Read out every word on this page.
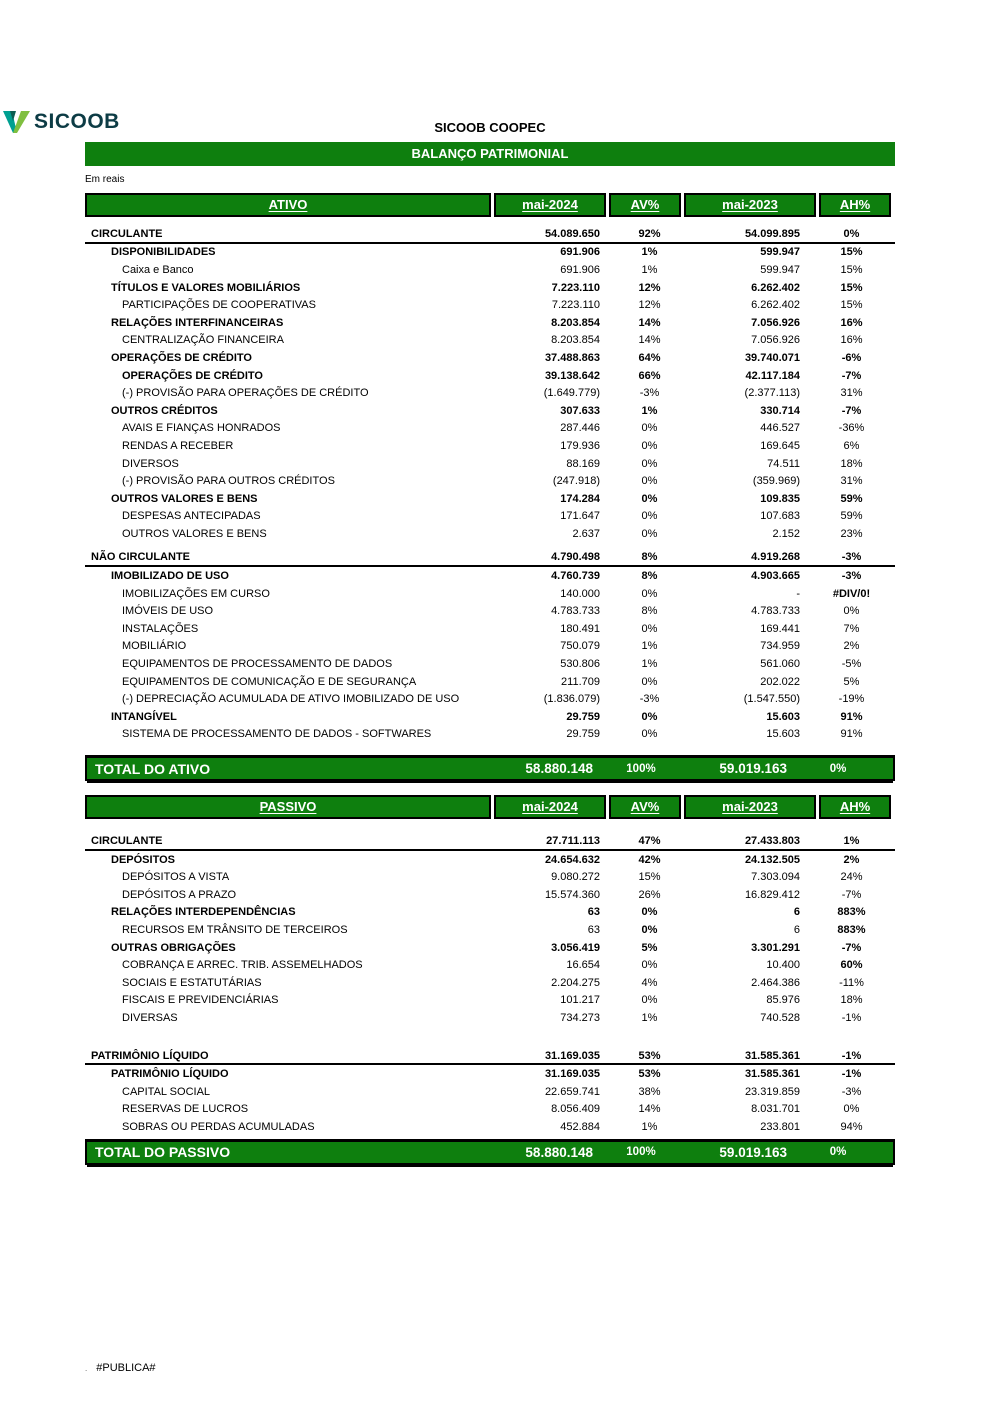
SICOOB	SICOOB COOPEC
BALANÇO PATRIMONIAL
Em reais
ATIVO	mai-2024	AV%	mai-2023	AH%
CIRCULANTE	54.089.650	92%	54.099.895	0%
DISPONIBILIDADES	691.906	1%	599.947	15%
Caixa e Banco	691.906	1%	599.947	15%
TÍTULOS E VALORES MOBILIÁRIOS	7.223.110	12%	6.262.402	15%
PARTICIPAÇÕES DE COOPERATIVAS	7.223.110	12%	6.262.402	15%
RELAÇÕES INTERFINANCEIRAS	8.203.854	14%	7.056.926	16%
CENTRALIZAÇÃO FINANCEIRA	8.203.854	14%	7.056.926	16%
OPERAÇÕES DE CRÉDITO	37.488.863	64%	39.740.071	-6%
OPERAÇÕES DE CRÉDITO	39.138.642	66%	42.117.184	-7%
(-) PROVISÃO PARA OPERAÇÕES DE CRÉDITO	(1.649.779)	-3%	(2.377.113)	31%
OUTROS CRÉDITOS	307.633	1%	330.714	-7%
AVAIS E FIANÇAS HONRADOS	287.446	0%	446.527	-36%
RENDAS A RECEBER	179.936	0%	169.645	6%
DIVERSOS	88.169	0%	74.511	18%
(-) PROVISÃO PARA OUTROS CRÉDITOS	(247.918)	0%	(359.969)	31%
OUTROS VALORES E BENS	174.284	0%	109.835	59%
DESPESAS ANTECIPADAS	171.647	0%	107.683	59%
OUTROS VALORES E BENS	2.637	0%	2.152	23%
NÃO CIRCULANTE	4.790.498	8%	4.919.268	-3%
IMOBILIZADO DE USO	4.760.739	8%	4.903.665	-3%
IMOBILIZAÇÕES EM CURSO	140.000	0%	-	#DIV/0!
IMÓVEIS DE USO	4.783.733	8%	4.783.733	0%
INSTALAÇÕES	180.491	0%	169.441	7%
MOBILIÁRIO	750.079	1%	734.959	2%
EQUIPAMENTOS DE PROCESSAMENTO DE DADOS	530.806	1%	561.060	-5%
EQUIPAMENTOS DE COMUNICAÇÃO E DE SEGURANÇA	211.709	0%	202.022	5%
(-) DEPRECIAÇÃO ACUMULADA DE ATIVO IMOBILIZADO DE USO	(1.836.079)	-3%	(1.547.550)	-19%
INTANGÍVEL	29.759	0%	15.603	91%
SISTEMA DE PROCESSAMENTO DE DADOS - SOFTWARES	29.759	0%	15.603	91%
TOTAL DO ATIVO	58.880.148	100%	59.019.163	0%
PASSIVO	mai-2024	AV%	mai-2023	AH%
CIRCULANTE	27.711.113	47%	27.433.803	1%
DEPÓSITOS	24.654.632	42%	24.132.505	2%
DEPÓSITOS A VISTA	9.080.272	15%	7.303.094	24%
DEPÓSITOS A PRAZO	15.574.360	26%	16.829.412	-7%
RELAÇÕES INTERDEPENDÊNCIAS	63	0%	6	883%
RECURSOS EM TRÂNSITO DE TERCEIROS	63	0%	6	883%
OUTRAS OBRIGAÇÕES	3.056.419	5%	3.301.291	-7%
COBRANÇA E ARREC. TRIB. ASSEMELHADOS	16.654	0%	10.400	60%
SOCIAIS E ESTATUTÁRIAS	2.204.275	4%	2.464.386	-11%
FISCAIS E PREVIDENCIÁRIAS	101.217	0%	85.976	18%
DIVERSAS	734.273	1%	740.528	-1%
PATRIMÔNIO LÍQUIDO	31.169.035	53%	31.585.361	-1%
PATRIMÔNIO LÍQUIDO	31.169.035	53%	31.585.361	-1%
CAPITAL SOCIAL	22.659.741	38%	23.319.859	-3%
RESERVAS DE LUCROS	8.056.409	14%	8.031.701	0%
SOBRAS OU PERDAS ACUMULADAS	452.884	1%	233.801	94%
TOTAL DO PASSIVO	58.880.148	100%	59.019.163	0%
. #PUBLICA#
